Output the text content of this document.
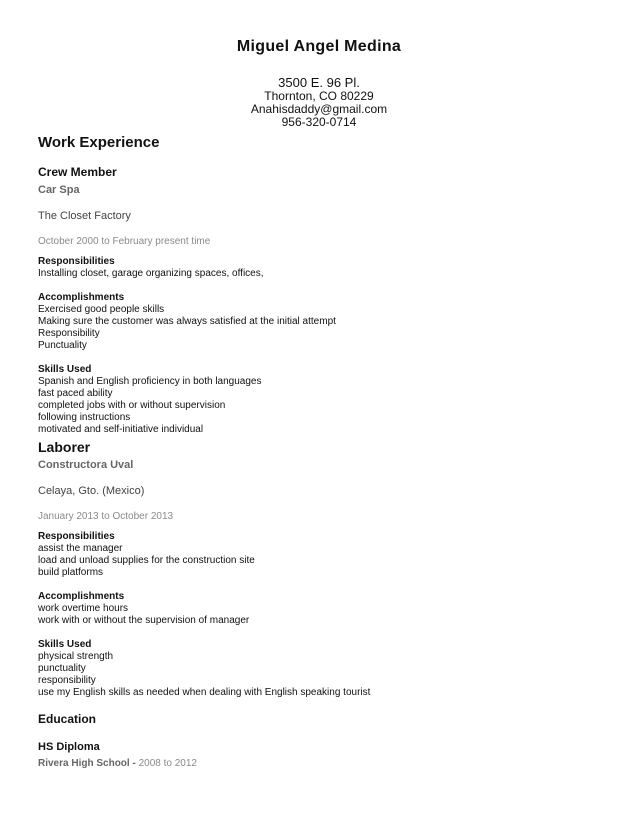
Miguel Angel Medina
3500 E. 96 Pl.
Thornton, CO 80229
Anahisdaddy@gmail.com
956-320-0714
Work Experience
Crew Member
Car Spa
The Closet Factory
October 2000 to February present time
Responsibilities
Installing closet, garage organizing spaces, offices,
Accomplishments
Exercised good people skills
Making sure the customer was always satisfied at the initial attempt
Responsibility
Punctuality
Skills Used
Spanish and English proficiency in both languages
fast paced ability
completed jobs with or without supervision
following instructions
motivated and self-initiative individual
Laborer
Constructora Uval
Celaya, Gto. (Mexico)
January 2013 to October 2013
Responsibilities
assist the manager
load and unload supplies for the construction site
build platforms
Accomplishments
work overtime hours
work with or without the supervision of manager
Skills Used
physical strength
punctuality
responsibility
use my English skills as needed when dealing with English speaking tourist
Education
HS Diploma
Rivera High School - 2008 to 2012
